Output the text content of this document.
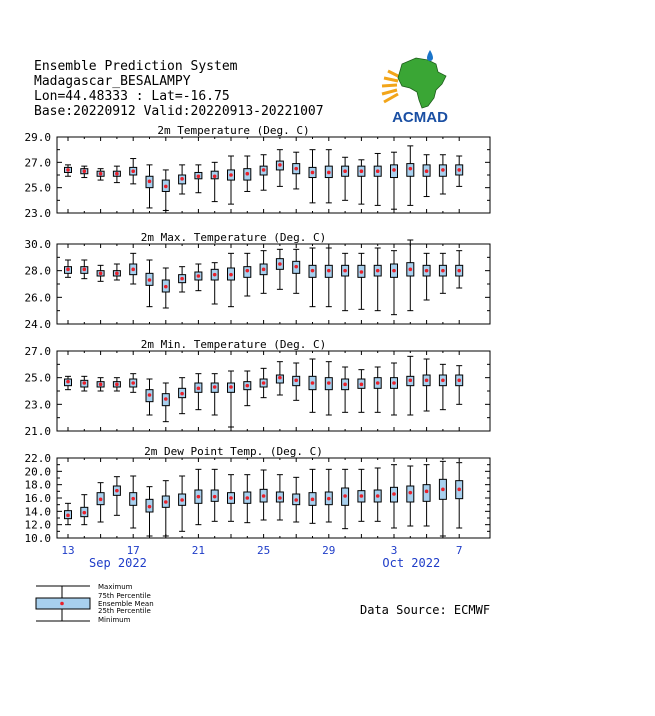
Ensemble Prediction System
Madagascar_BESALAMPY
Lon=44.48333 : Lat=-16.75
Base:20220912 Valid:20220913-20221007	ACMAD
2m Temperature (Deg. C)
23.0
25.0
27.0
29.0
2m Max. Temperature (Deg. C)
24.0
26.0
28.0
30.0
2m Min. Temperature (Deg. C)
21.0
23.0
25.0
27.0
2m Dew Point Temp. (Deg. C)
10.0
12.0
14.0
16.0
18.0
20.0
22.0
13	17	21	25	29	3	7
Sep 2022	Oct 2022
Maximum
75th Percentile
Ensemble Mean
25th Percentile
Minimum
Data Source: ECMWF
